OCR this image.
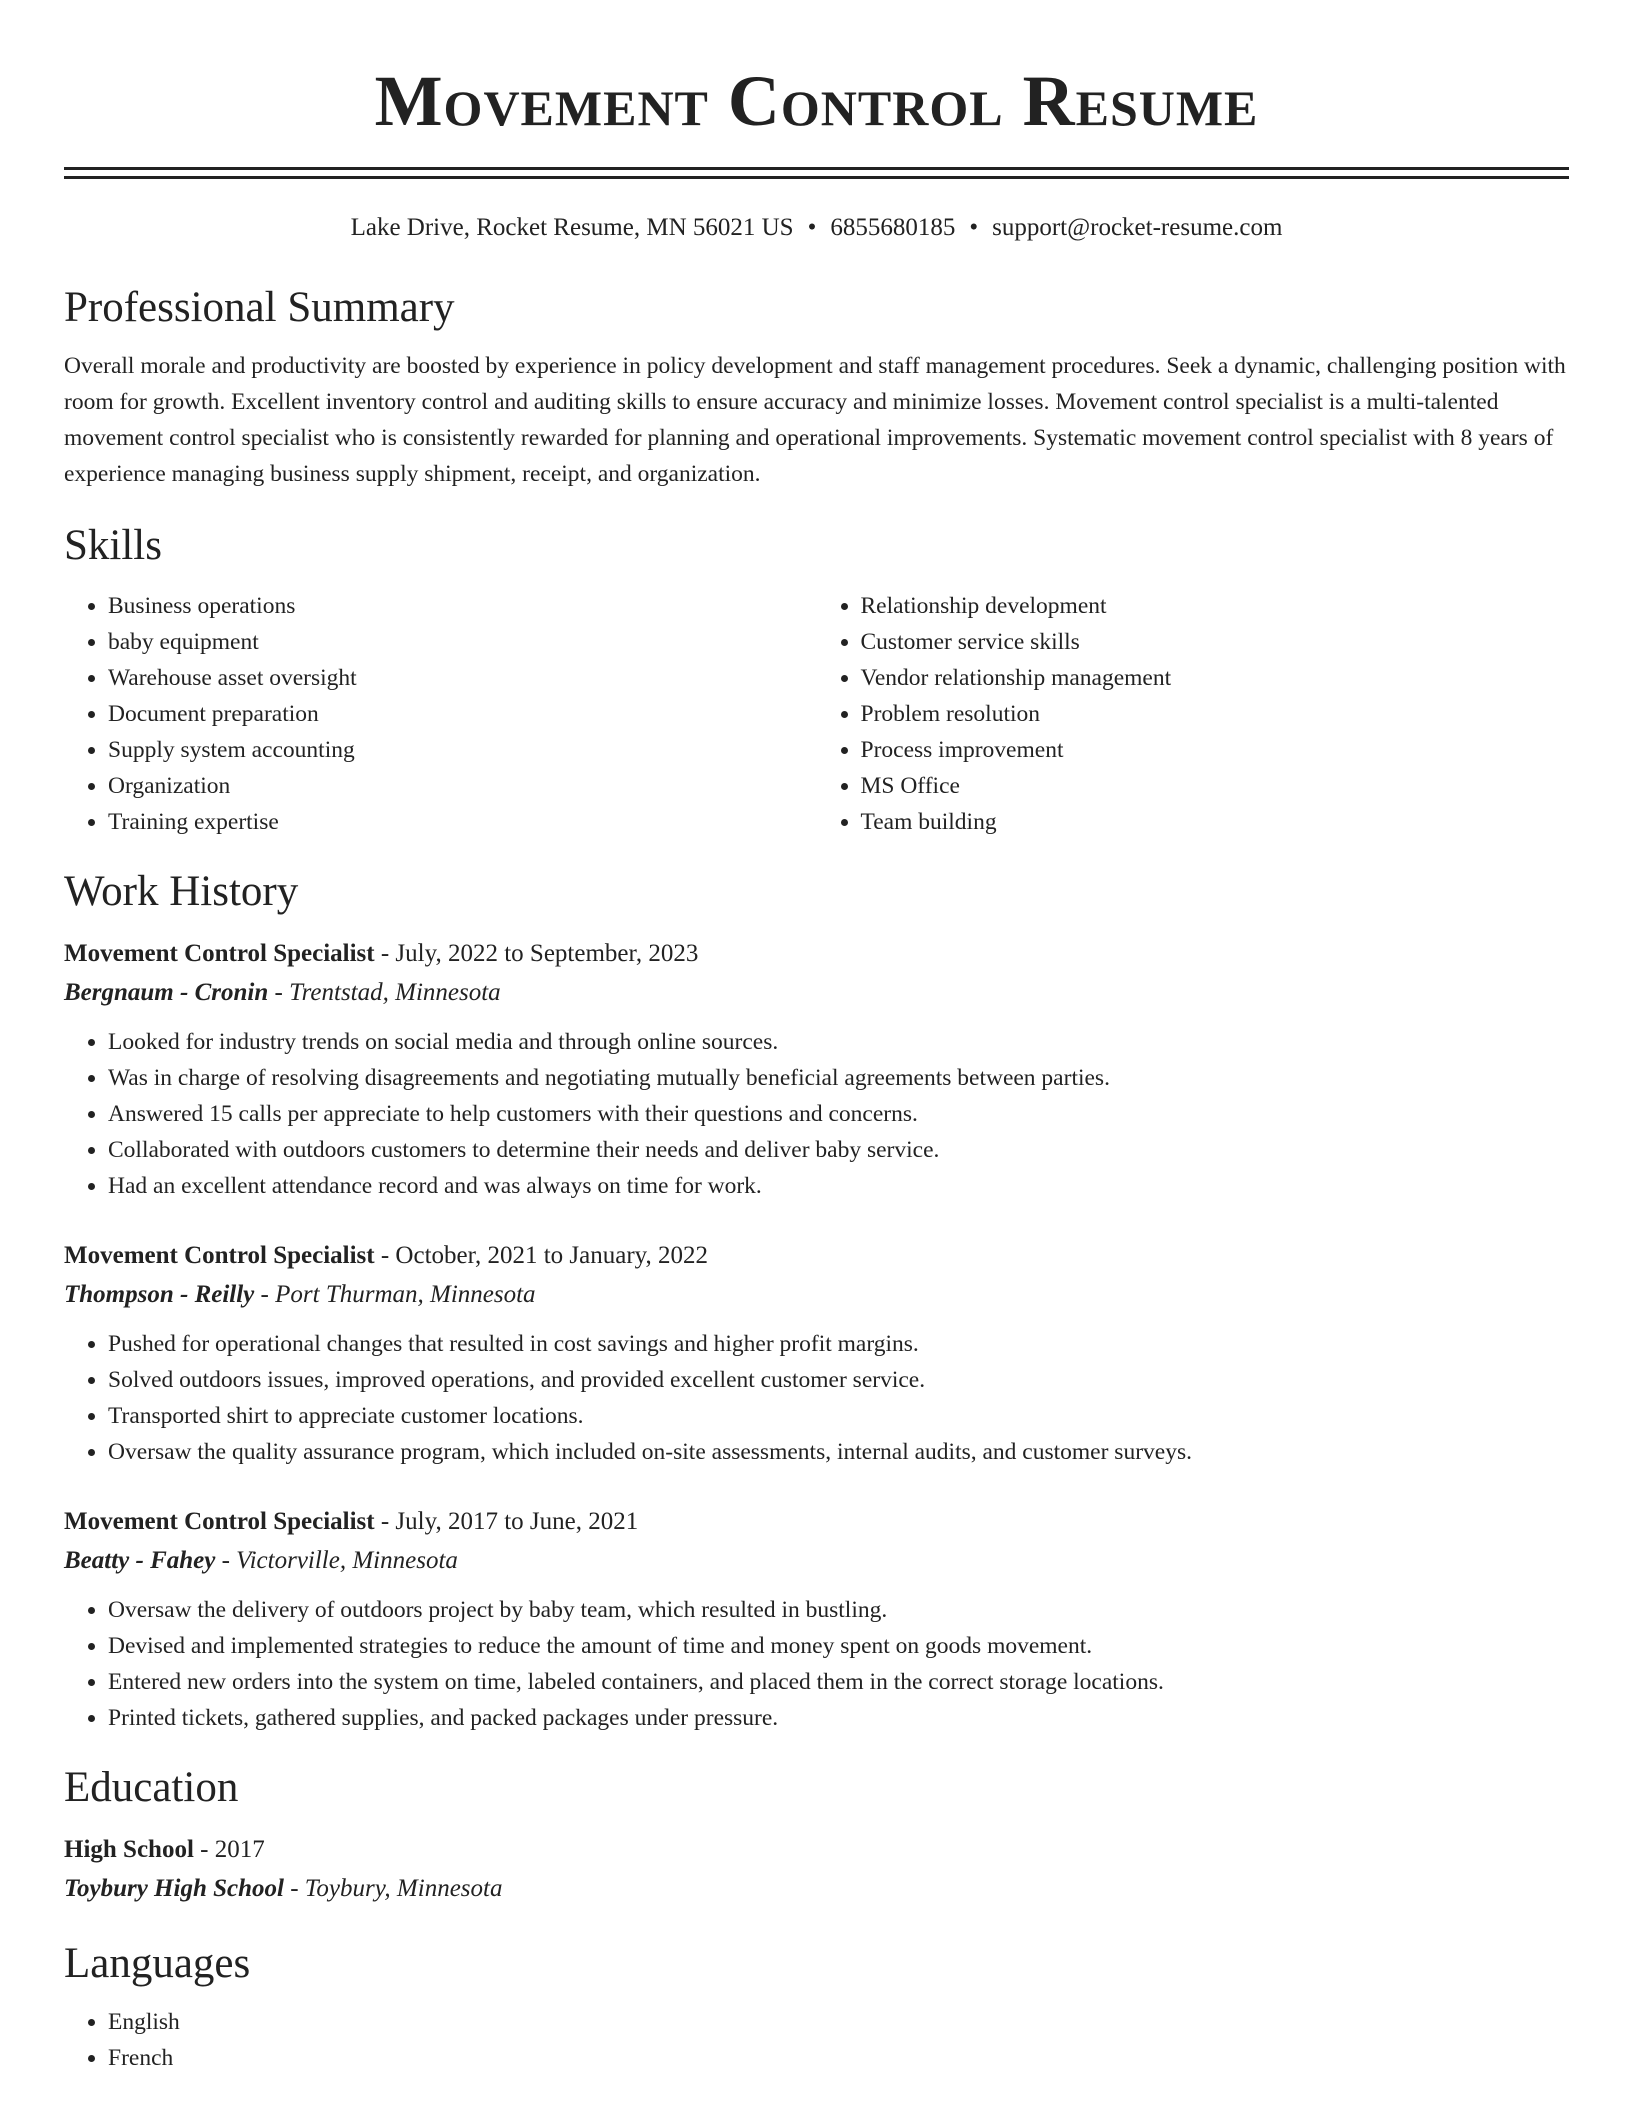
Movement Control Resume
Lake Drive, Rocket Resume, MN 56021 US • 6855680185 • support@rocket-resume.com
Professional Summary
Overall morale and productivity are boosted by experience in policy development and staff management procedures. Seek a dynamic, challenging position with room for growth. Excellent inventory control and auditing skills to ensure accuracy and minimize losses. Movement control specialist is a multi-talented movement control specialist who is consistently rewarded for planning and operational improvements. Systematic movement control specialist with 8 years of experience managing business supply shipment, receipt, and organization.
Skills
• Business operations
• baby equipment
• Warehouse asset oversight
• Document preparation
• Supply system accounting
• Organization
• Training expertise
• Relationship development
• Customer service skills
• Vendor relationship management
• Problem resolution
• Process improvement
• MS Office
• Team building
Work History
Movement Control Specialist - July, 2022 to September, 2023
Bergnaum - Cronin - Trentstad, Minnesota
• Looked for industry trends on social media and through online sources.
• Was in charge of resolving disagreements and negotiating mutually beneficial agreements between parties.
• Answered 15 calls per appreciate to help customers with their questions and concerns.
• Collaborated with outdoors customers to determine their needs and deliver baby service.
• Had an excellent attendance record and was always on time for work.
Movement Control Specialist - October, 2021 to January, 2022
Thompson - Reilly - Port Thurman, Minnesota
• Pushed for operational changes that resulted in cost savings and higher profit margins.
• Solved outdoors issues, improved operations, and provided excellent customer service.
• Transported shirt to appreciate customer locations.
• Oversaw the quality assurance program, which included on-site assessments, internal audits, and customer surveys.
Movement Control Specialist - July, 2017 to June, 2021
Beatty - Fahey - Victorville, Minnesota
• Oversaw the delivery of outdoors project by baby team, which resulted in bustling.
• Devised and implemented strategies to reduce the amount of time and money spent on goods movement.
• Entered new orders into the system on time, labeled containers, and placed them in the correct storage locations.
• Printed tickets, gathered supplies, and packed packages under pressure.
Education
High School - 2017
Toybury High School - Toybury, Minnesota
Languages
• English
• French
